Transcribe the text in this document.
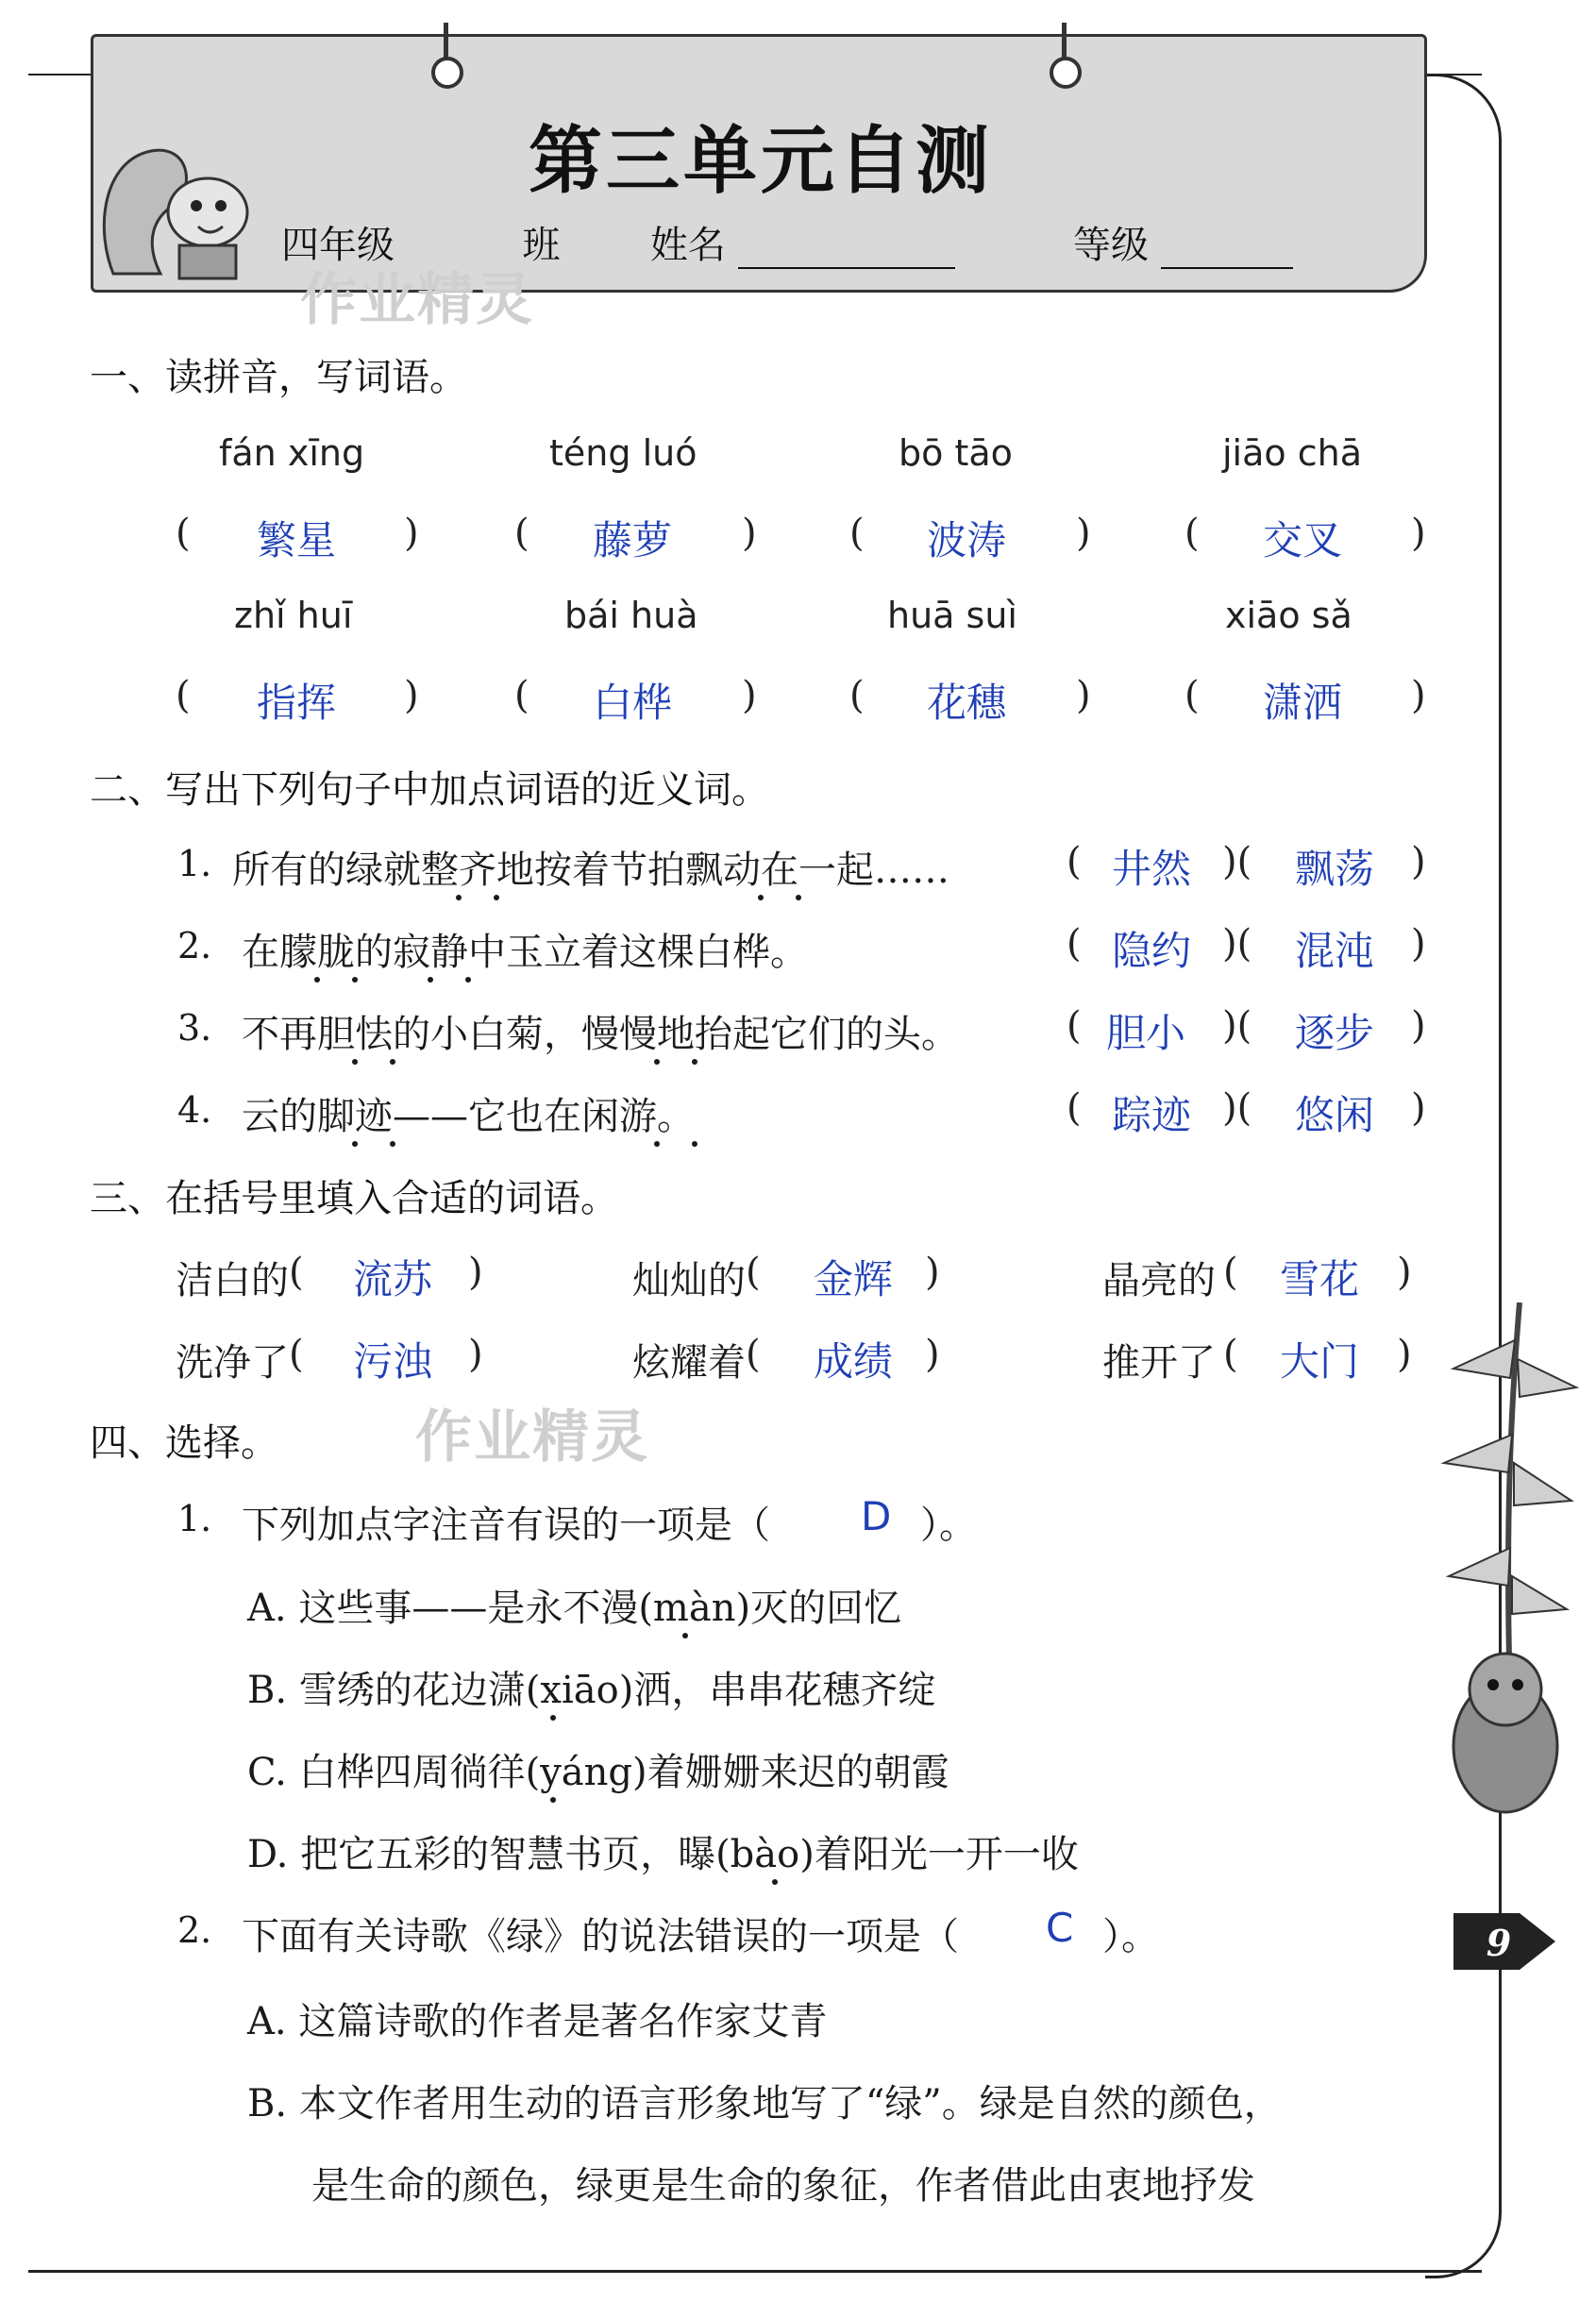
第三单元自测
四年级	班 姓名	等级
作业精灵
作业精灵
一、读拼音，写词语。
fán xīng	téng luó	bō tāo	jiāo chā
( 繁星 )	( 藤萝 ) ( 波涛 ) ( 交叉 )
zhǐ huī	bái huà	huā suì	xiāo sǎ
( 指挥 )	( 白桦 ) ( 花穗 ) ( 潇洒 )
二、写出下列句子中加点词语的近义词。
1. 所有的绿就整齐地按着节拍飘动在一起……	( 井然 )( 飘荡 )
2. 在朦胧的寂静中玉立着这棵白桦。	( 隐约 )( 混沌 )
3. 不再胆怯的小白菊，慢慢地抬起它们的头。	( 胆小 )( 逐步 )
4. 云的脚迹——它也在闲游。	( 踪迹 )( 悠闲 )
三、在括号里填入合适的词语。
洁白的 ( 流苏 )	灿灿的 ( 金辉 )	晶亮的 ( 雪花 )
洗净了 ( 污浊 )	炫耀着 ( 成绩 )	推开了 ( 大门 )
四、选择。
1. 下列加点字注音有误的一项是（ D ）。
A. 这些事——是永不漫(màn)灭的回忆
B. 雪绣的花边潇(xiāo)洒，串串花穗齐绽
C. 白桦四周徜徉(yáng)着姗姗来迟的朝霞
D. 把它五彩的智慧书页，曝(bào)着阳光一开一收
2. 下面有关诗歌《绿》的说法错误的一项是（ C ）。
A. 这篇诗歌的作者是著名作家艾青
B. 本文作者用生动的语言形象地写了“绿”。绿是自然的颜色，
是生命的颜色，绿更是生命的象征，作者借此由衷地抒发
9
